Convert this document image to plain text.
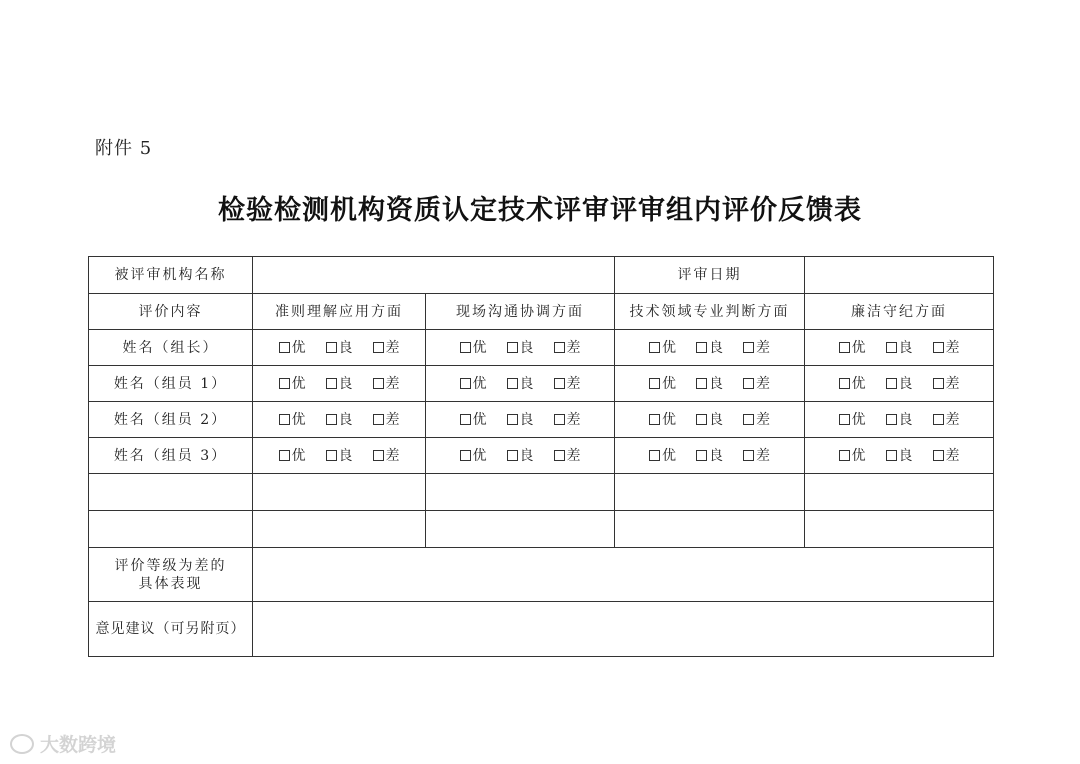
附件 5
检验检测机构资质认定技术评审评审组内评价反馈表
被评审机构名称			评审日期	
评价内容	准则理解应用方面	现场沟通协调方面	技术领域专业判断方面	廉洁守纪方面
姓名（组长）	优 良 差	优 良 差	优 良 差	优 良 差
姓名（组员 1）	优 良 差	优 良 差	优 良 差	优 良 差
姓名（组员 2）	优 良 差	优 良 差	优 良 差	优 良 差
姓名（组员 3）	优 良 差	优 良 差	优 良 差	优 良 差

评价等级为差的
具体表现				
意见建议（可另附页）				
大数跨境
